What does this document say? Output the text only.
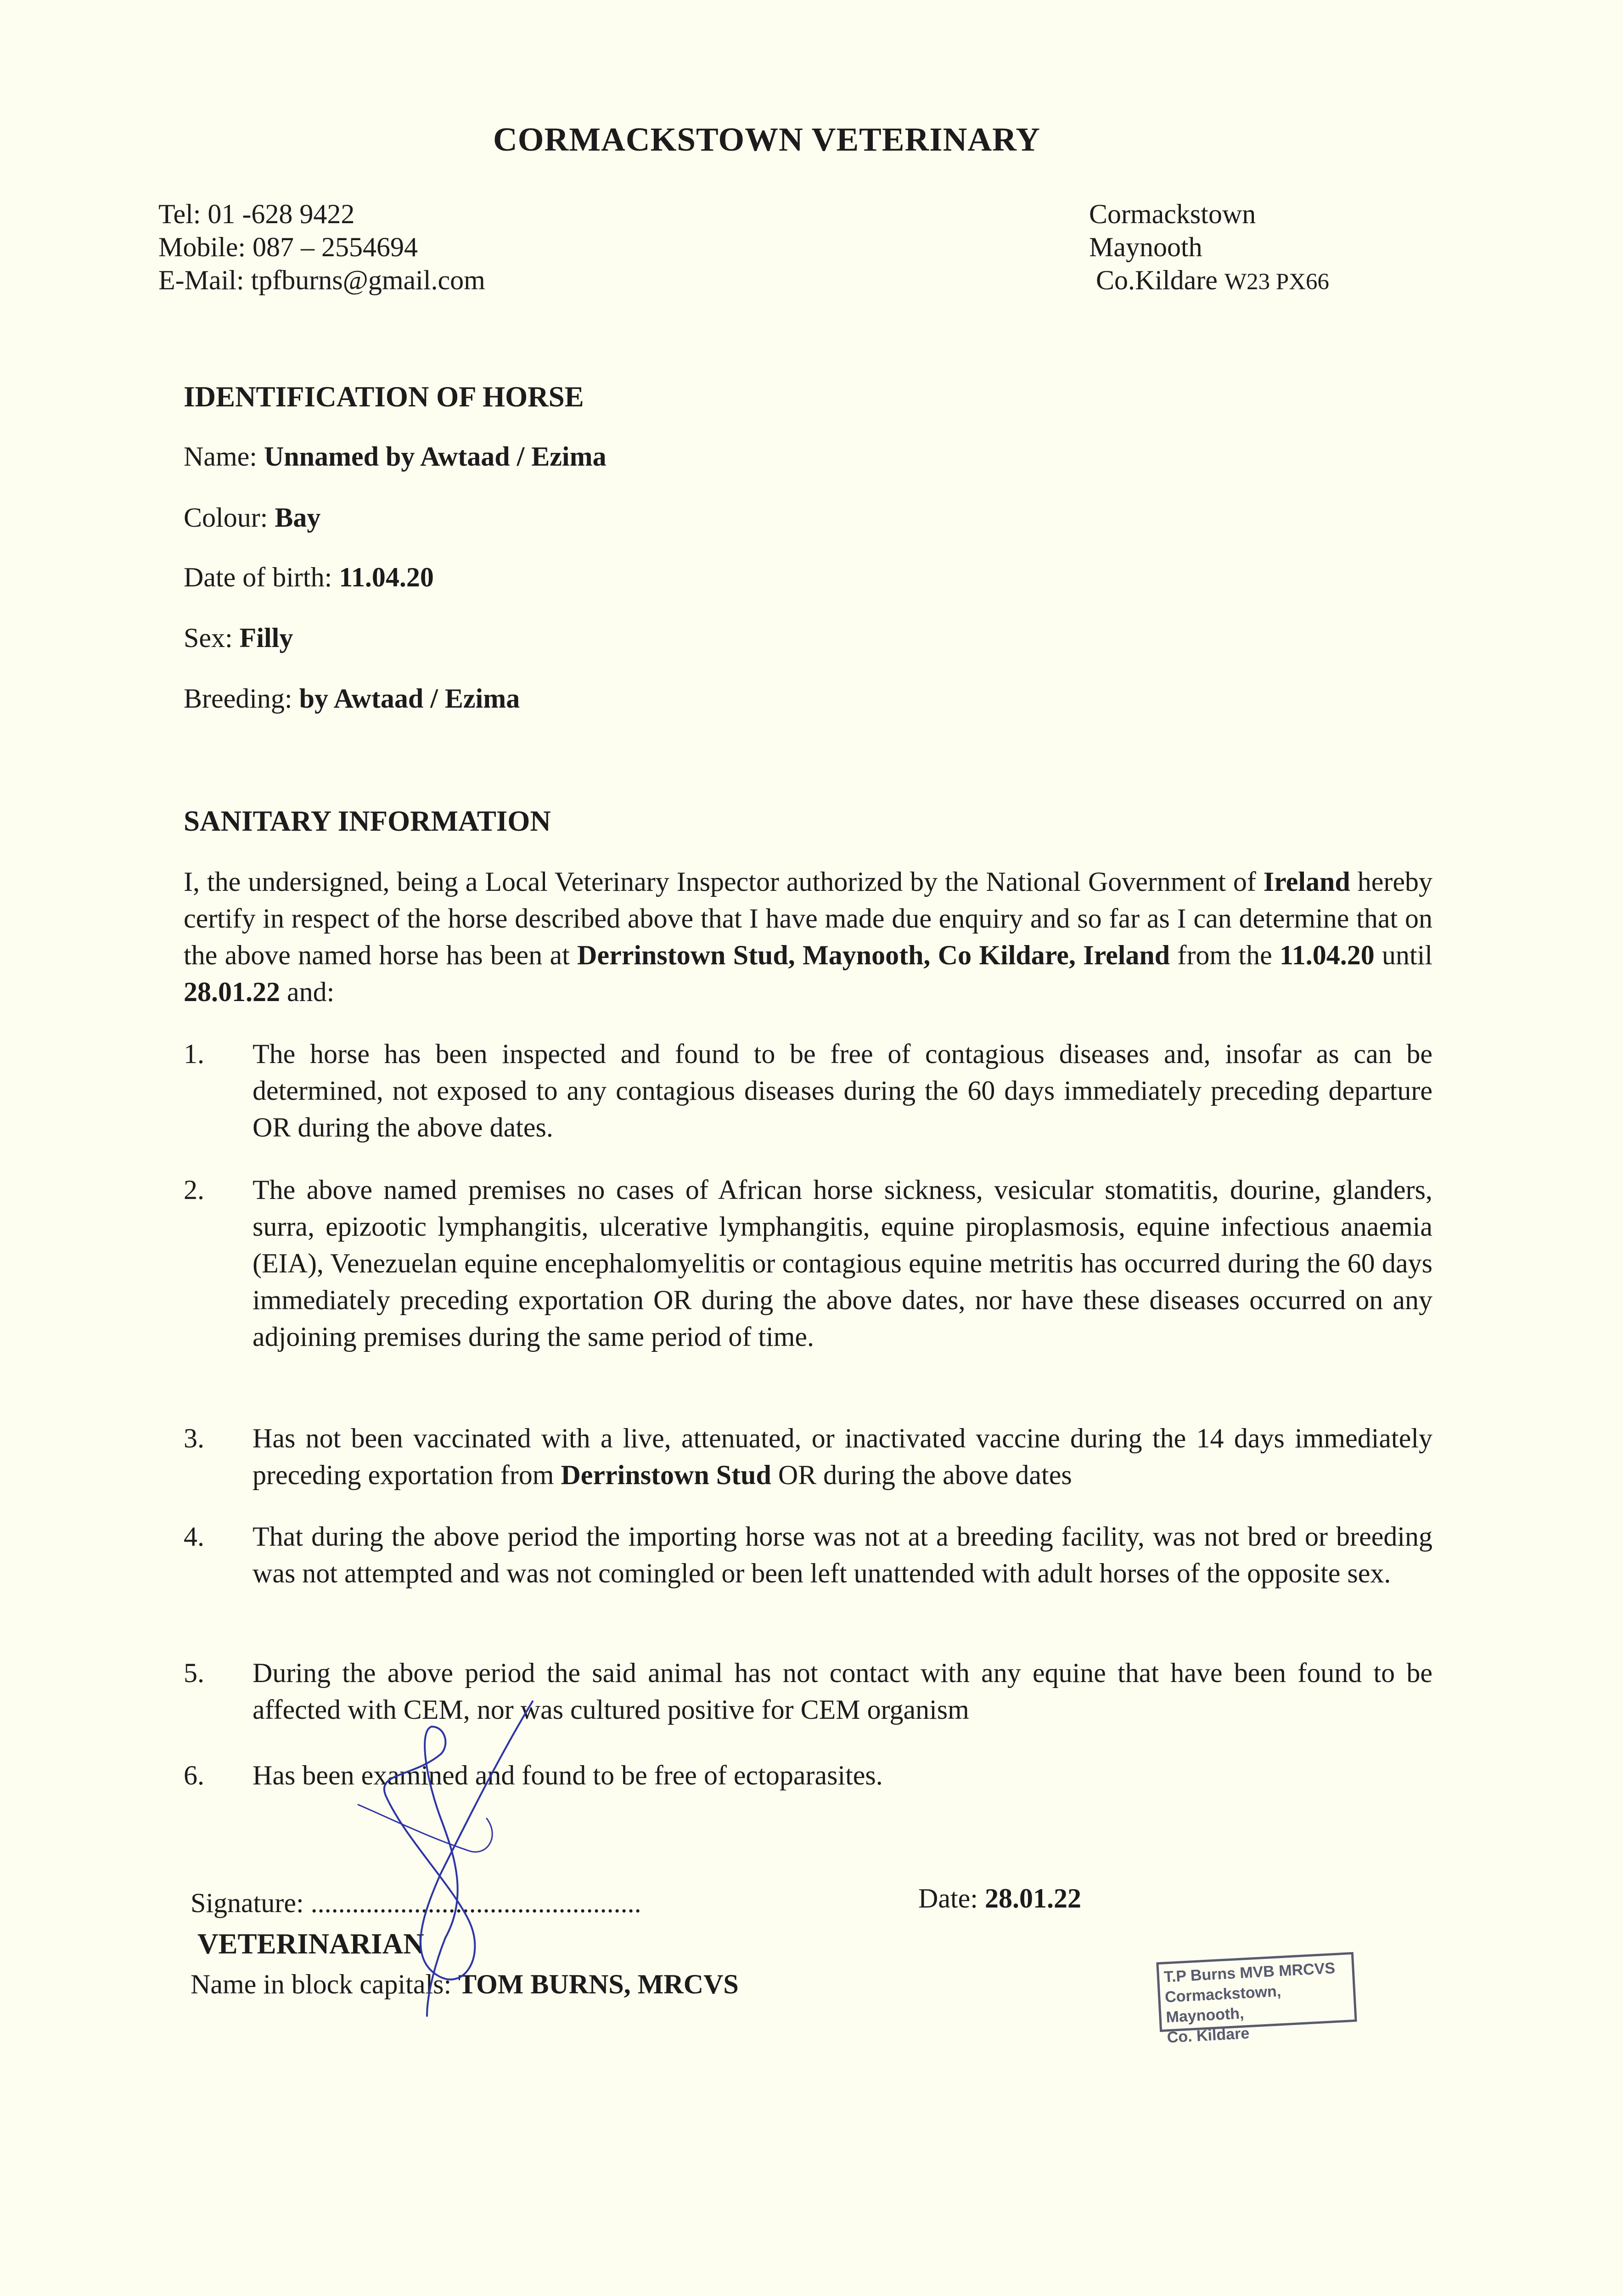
CORMACKSTOWN VETERINARY
Tel: 01 -628 9422
Mobile: 087 – 2554694
E-Mail: tpfburns@gmail.com
Cormackstown
Maynooth
Co.Kildare W23 PX66
IDENTIFICATION OF HORSE
Name: Unnamed by Awtaad / Ezima
Colour: Bay
Date of birth: 11.04.20
Sex: Filly
Breeding: by Awtaad / Ezima
SANITARY INFORMATION
I, the undersigned, being a Local Veterinary Inspector authorized by the National Government of Ireland hereby certify in respect of the horse described above that I have made due enquiry and so far as I can determine that on the above named horse has been at Derrinstown Stud, Maynooth, Co Kildare, Ireland from the 11.04.20 until 28.01.22 and:
1. The horse has been inspected and found to be free of contagious diseases and, insofar as can be determined, not exposed to any contagious diseases during the 60 days immediately preceding departure OR during the above dates.
2. The above named premises no cases of African horse sickness, vesicular stomatitis, dourine, glanders, surra, epizootic lymphangitis, ulcerative lymphangitis, equine piroplasmosis, equine infectious anaemia (EIA), Venezuelan equine encephalomyelitis or contagious equine metritis has occurred during the 60 days immediately preceding exportation OR during the above dates, nor have these diseases occurred on any adjoining premises during the same period of time.
3. Has not been vaccinated with a live, attenuated, or inactivated vaccine during the 14 days immediately preceding exportation from Derrinstown Stud OR during the above dates
4. That during the above period the importing horse was not at a breeding facility, was not bred or breeding was not attempted and was not comingled or been left unattended with adult horses of the opposite sex.
5. During the above period the said animal has not contact with any equine that have been found to be affected with CEM, nor was cultured positive for CEM organism
6. Has been examined and found to be free of ectoparasites.
Signature: ................................................
VETERINARIAN
Name in block capitals: TOM BURNS, MRCVS
Date: 28.01.22
T.P Burns MVB MRCVS
Cormackstown, Maynooth,
Co. Kildare
